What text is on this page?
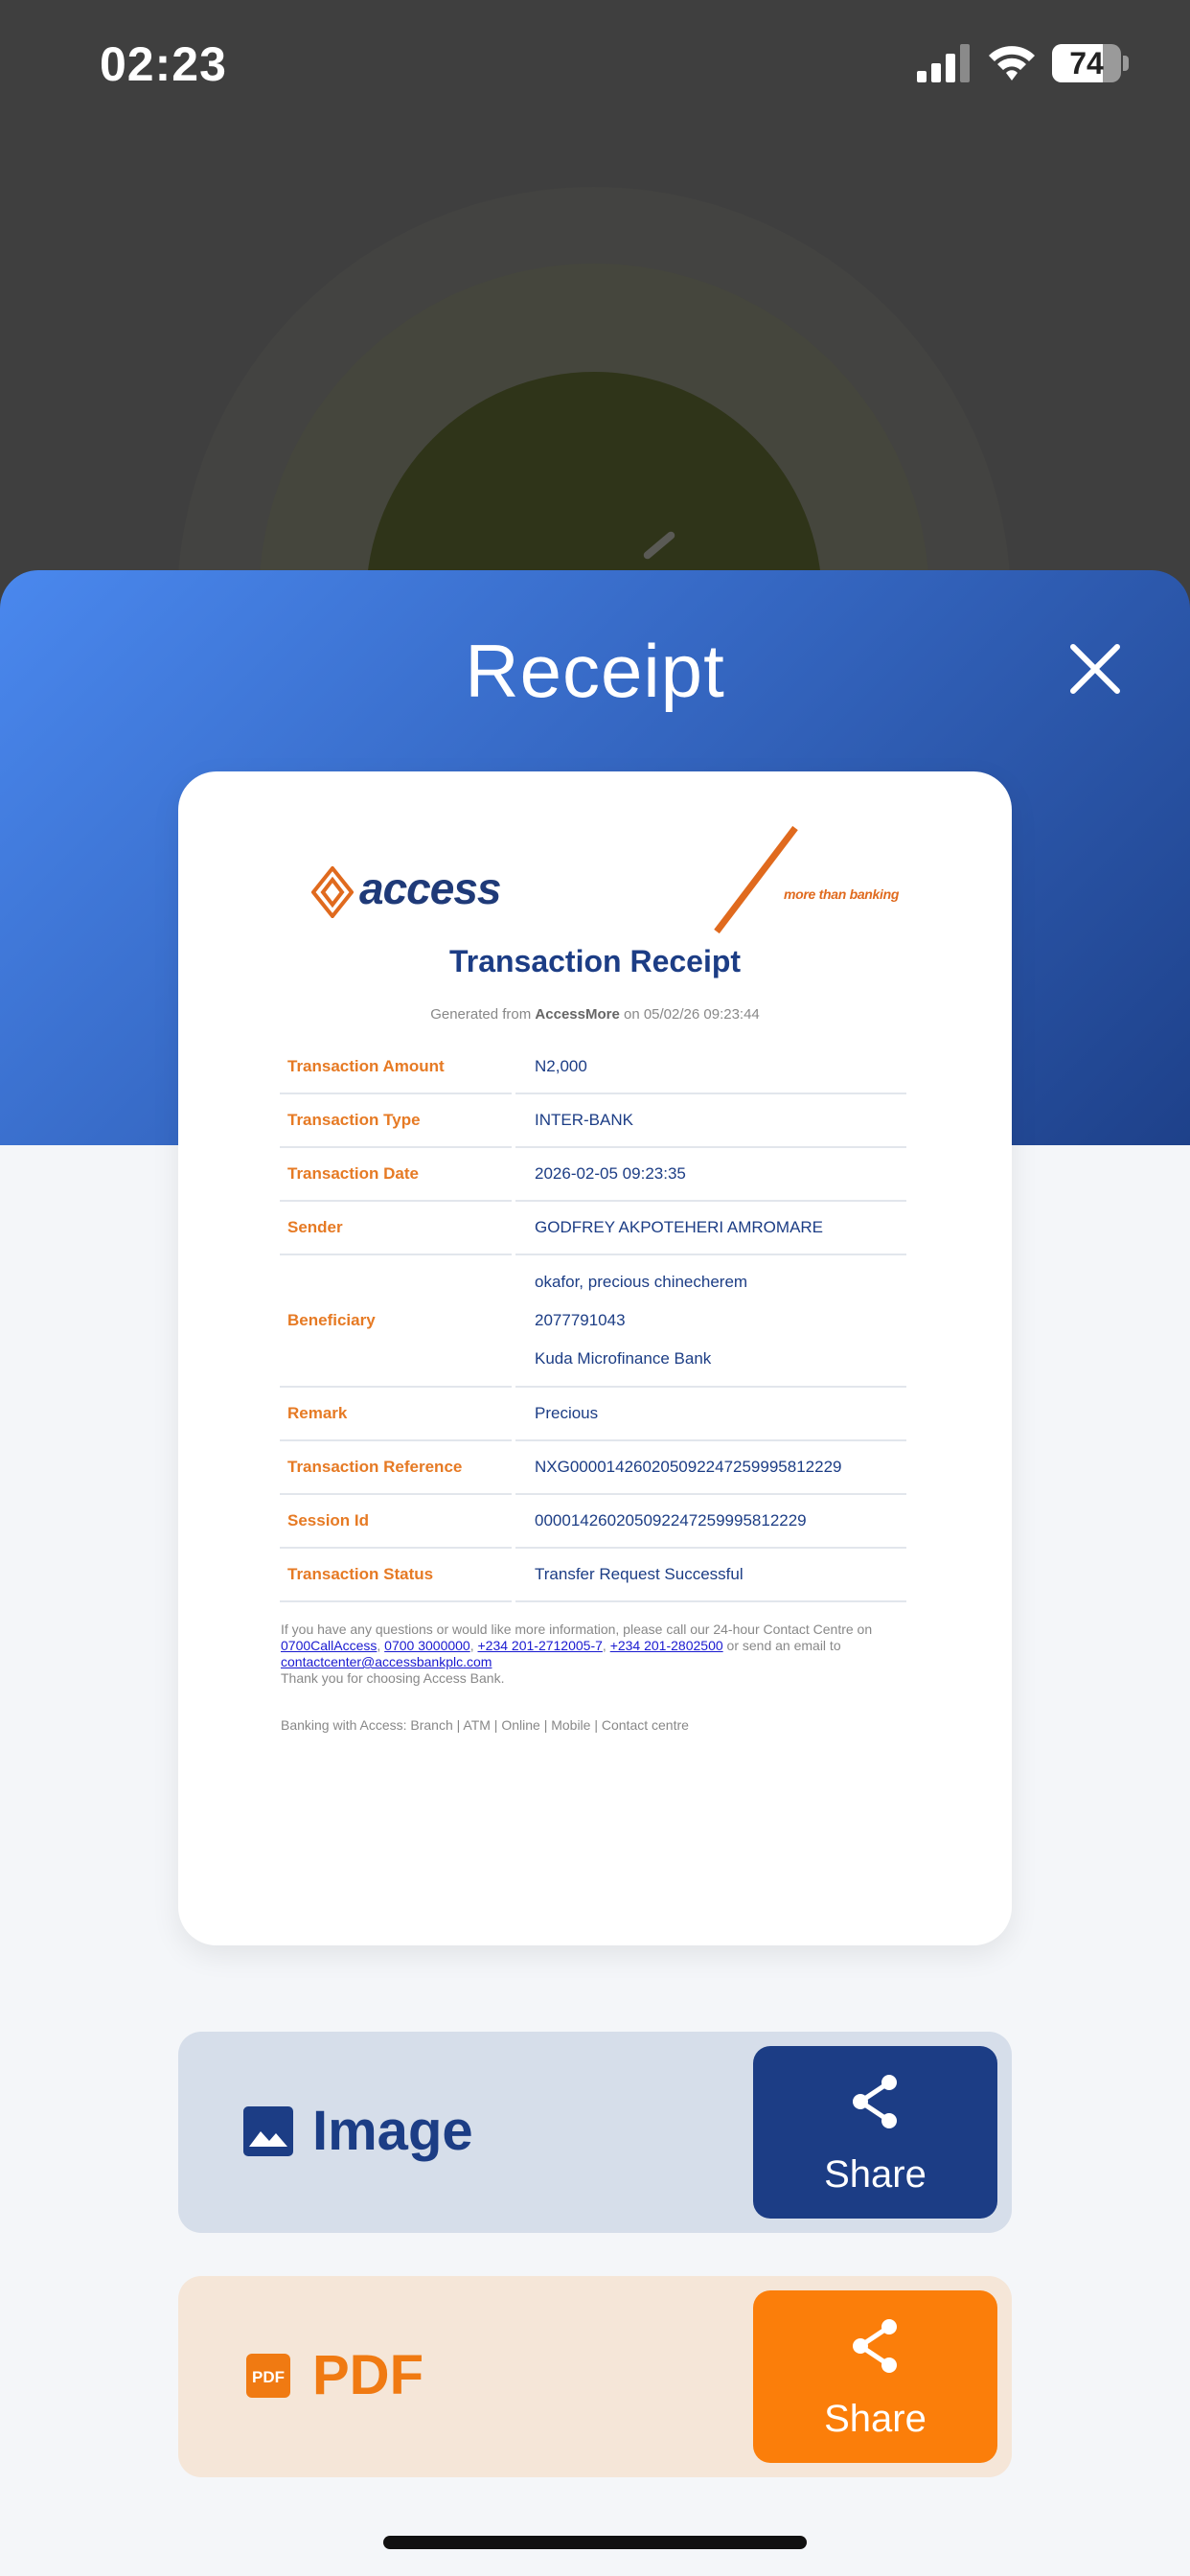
02:23	74
Receipt
access	more than banking
Transaction Receipt
Generated from AccessMore on 05/02/26 09:23:44
Transaction Amount		N2,000
Transaction Type		INTER-BANK
Transaction Date		2026-02-05 09:23:35
Sender		GODFREY AKPOTEHERI AMROMARE
Beneficiary		okafor, precious chinecherem
2077791043
Kuda Microfinance Bank

Remark		Precious
Transaction Reference		NXG000014260205092247259995812229
Session Id		000014260205092247259995812229
Transaction Status		Transfer Request Successful
If you have any questions or would like more information, please call our 24-hour Contact Centre on
0700CallAccess, 0700 3000000, +234 201-2712005-7, +234 201-2802500 or send an email to
contactcenter@accessbankplc.com
Thank you for choosing Access Bank.
Banking with Access: Branch | ATM | Online | Mobile | Contact centre
Image
Share
PDF PDF
Share
